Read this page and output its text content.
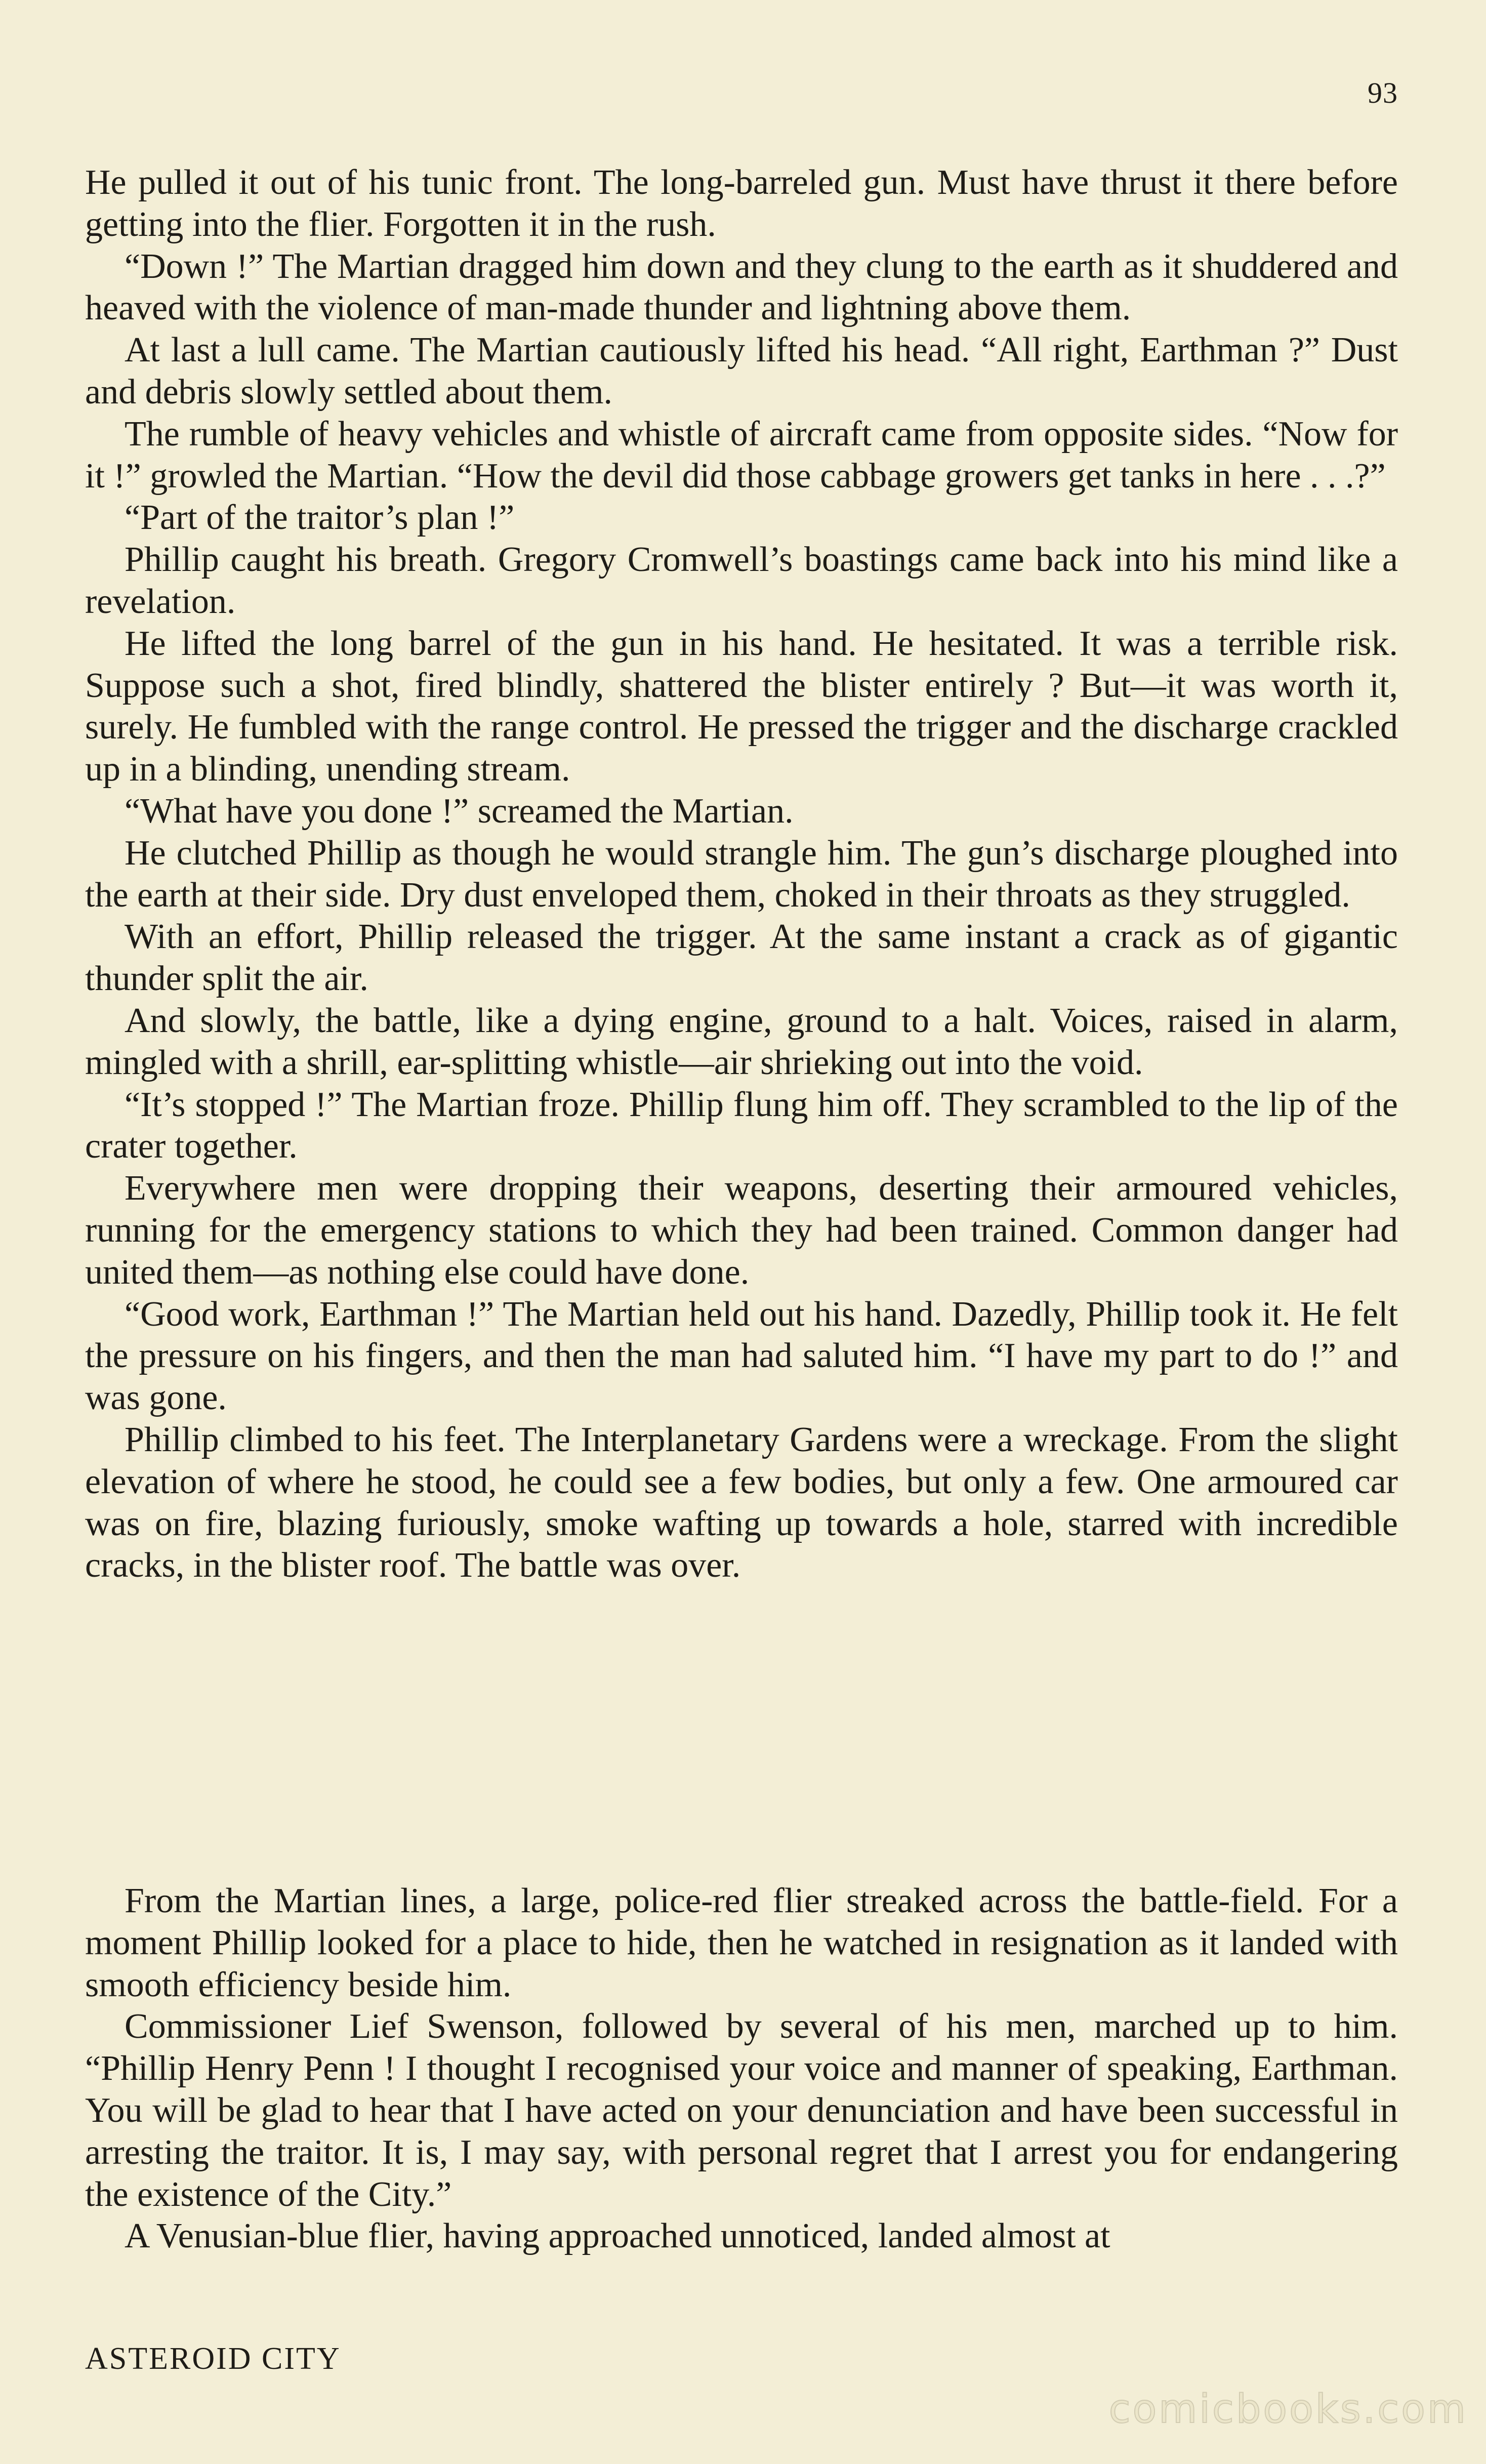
93

He pulled it out of his tunic front. The long-barreled gun. Must have thrust it there before getting into the flier. Forgotten it in the rush.

“Down !” The Martian dragged him down and they clung to the earth as it shuddered and heaved with the violence of man-made thunder and lightning above them.

At last a lull came. The Martian cautiously lifted his head. “All right, Earthman ?” Dust and debris slowly settled about them.

The rumble of heavy vehicles and whistle of aircraft came from opposite sides. “Now for it !” growled the Martian. “How the devil did those cabbage growers get tanks in here . . .?”

“Part of the traitor’s plan !”

Phillip caught his breath. Gregory Cromwell’s boastings came back into his mind like a revelation.

He lifted the long barrel of the gun in his hand. He hesitated. It was a terrible risk. Suppose such a shot, fired blindly, shattered the blister entirely ? But—it was worth it, surely. He fumbled with the range control. He pressed the trigger and the discharge crackled up in a blinding, unending stream.

“What have you done !” screamed the Martian.

He clutched Phillip as though he would strangle him. The gun’s discharge ploughed into the earth at their side. Dry dust enveloped them, choked in their throats as they struggled.

With an effort, Phillip released the trigger. At the same instant a crack as of gigantic thunder split the air.

And slowly, the battle, like a dying engine, ground to a halt. Voices, raised in alarm, mingled with a shrill, ear-splitting whistle—air shrieking out into the void.

“It’s stopped !” The Martian froze. Phillip flung him off. They scrambled to the lip of the crater together.

Everywhere men were dropping their weapons, deserting their armoured vehicles, running for the emergency stations to which they had been trained. Common danger had united them—as nothing else could have done.

“Good work, Earthman !” The Martian held out his hand. Dazedly, Phillip took it. He felt the pressure on his fingers, and then the man had saluted him. “I have my part to do !” and was gone.

Phillip climbed to his feet. The Interplanetary Gardens were a wreckage. From the slight elevation of where he stood, he could see a few bodies, but only a few. One armoured car was on fire, blazing furiously, smoke wafting up towards a hole, starred with incredible cracks, in the blister roof. The battle was over.

From the Martian lines, a large, police-red flier streaked across the battle-field. For a moment Phillip looked for a place to hide, then he watched in resignation as it landed with smooth efficiency beside him.

Commissioner Lief Swenson, followed by several of his men, marched up to him. “Phillip Henry Penn ! I thought I recognised your voice and manner of speaking, Earthman. You will be glad to hear that I have acted on your denunciation and have been successful in arresting the traitor. It is, I may say, with personal regret that I arrest you for endangering the existence of the City.”

A Venusian-blue flier, having approached unnoticed, landed almost at

ASTEROID CITY
comicbooks.com
